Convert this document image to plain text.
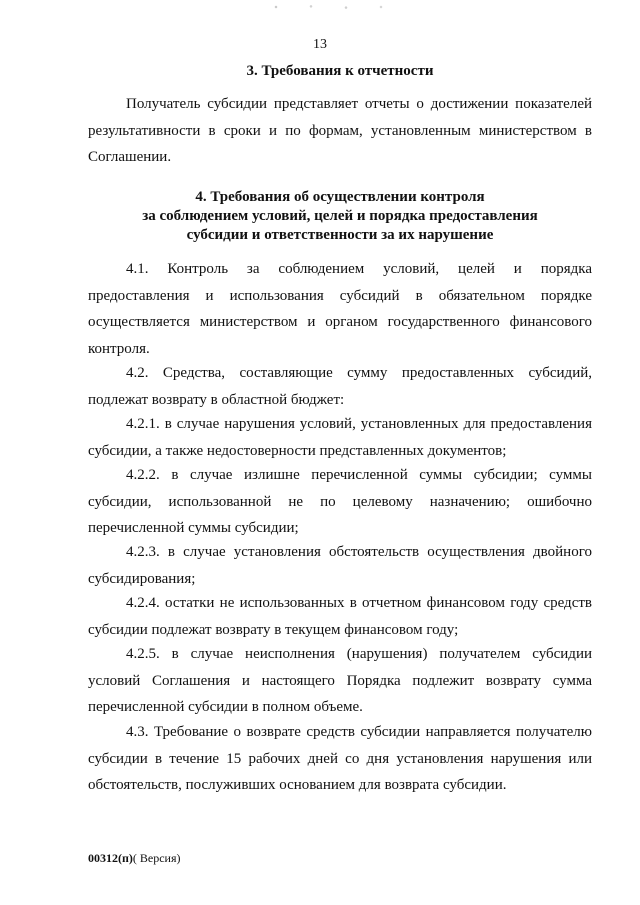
13
3. Требования к отчетности
Получатель субсидии представляет отчеты о достижении показателей
результативности в сроки и по формам, установленным министерством в
Соглашении.
4. Требования об осуществлении контроля
за соблюдением условий, целей и порядка предоставления
субсидии и ответственности за их нарушение
4.1. Контроль за соблюдением условий, целей и порядка
предоставления и использования субсидий в обязательном порядке
осуществляется министерством и органом государственного финансового
контроля.
4.2. Средства, составляющие сумму предоставленных субсидий,
подлежат возврату в областной бюджет:
4.2.1. в случае нарушения условий, установленных для предоставления
субсидии, а также недостоверности представленных документов;
4.2.2. в случае излишне перечисленной суммы субсидии; суммы
субсидии, использованной не по целевому назначению; ошибочно
перечисленной суммы субсидии;
4.2.3. в случае установления обстоятельств осуществления двойного
субсидирования;
4.2.4. остатки не использованных в отчетном финансовом году средств
субсидии подлежат возврату в текущем финансовом году;
4.2.5. в случае неисполнения (нарушения) получателем субсидии
условий Соглашения и настоящего Порядка подлежит возврату сумма
перечисленной субсидии в полном объеме.
4.3. Требование о возврате средств субсидии направляется получателю
субсидии в течение 15 рабочих дней со дня установления нарушения или
обстоятельств, послуживших основанием для возврата субсидии.
00312(п)( Версия)
